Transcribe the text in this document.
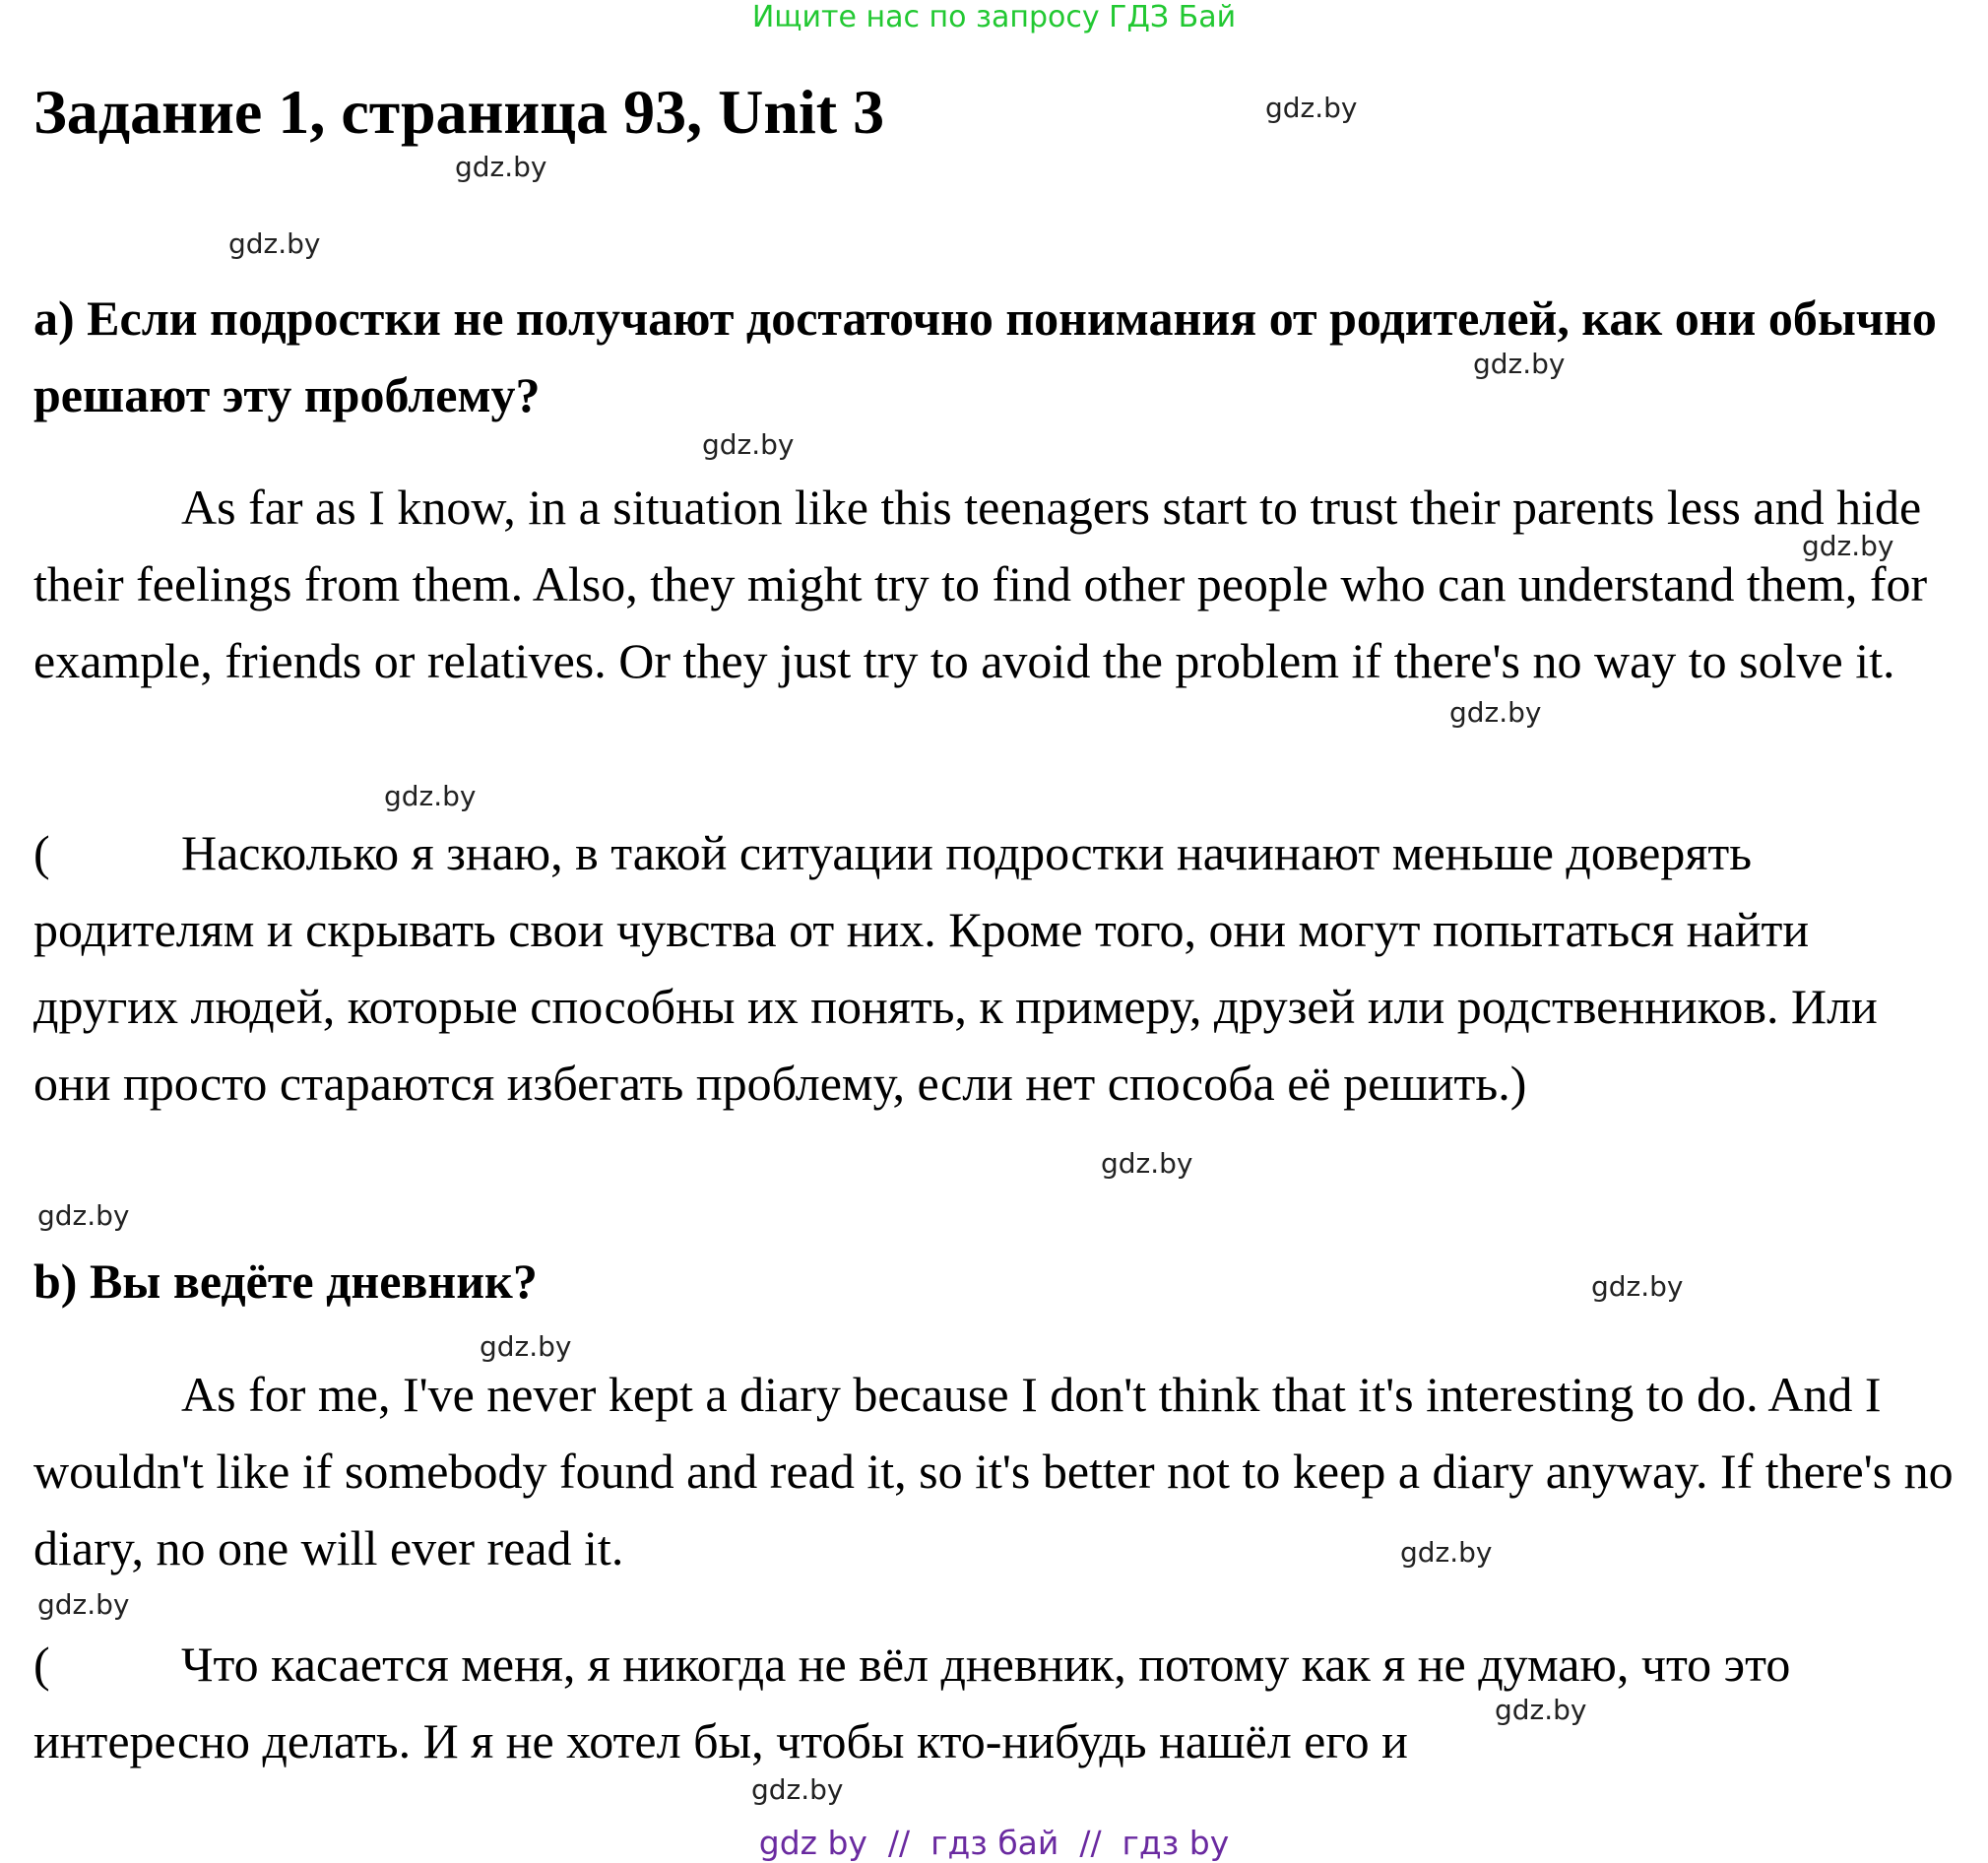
Ищите нас по запросу ГДЗ Бай
Задание 1, страница 93, Unit 3

a) Если подростки не получают достаточно понимания от родителей, как они обычно решают эту проблему?

As far as I know, in a situation like this teenagers start to trust their parents less and hide their feelings from them. Also, they might try to find other people who can understand them, for example, friends or relatives. Or they just try to avoid the problem if there's no way to solve it.

(	Насколько я знаю, в такой ситуации подростки начинают меньше доверять родителям и скрывать свои чувства от них. Кроме того, они могут попытаться найти других людей, которые способны их понять, к примеру, друзей или родственников. Или они просто стараются избегать проблему, если нет способа её решить.)

b) Вы ведёте дневник?

As for me, I've never kept a diary because I don't think that it's interesting to do. And I wouldn't like if somebody found and read it, so it's better not to keep a diary anyway. If there's no diary, no one will ever read it.

(	Что касается меня, я никогда не вёл дневник, потому как я не думаю, что это интересно делать. И я не хотел бы, чтобы кто-нибудь нашёл его и

gdz.by
gdz.by
gdz.by
gdz.by
gdz.by
gdz.by
gdz.by
gdz.by
gdz.by
gdz.by
gdz.by
gdz.by
gdz.by
gdz.by
gdz.by
gdz.by
gdz by  //  гдз бай  //  гдз by
